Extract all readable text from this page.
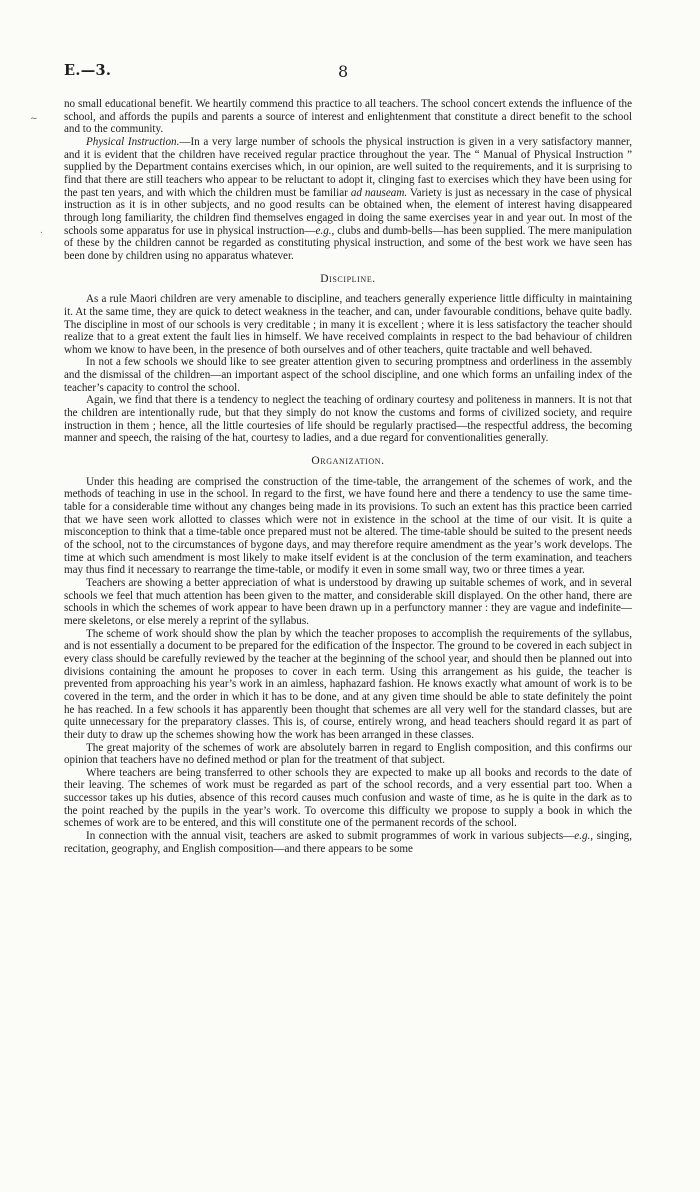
E.—3.	8
~
.

no small educational benefit. We heartily commend this practice to all teachers. The school concert extends the influence of the school, and affords the pupils and parents a source of interest and enlightenment that constitute a direct benefit to the school and to the community.

Physical Instruction.—In a very large number of schools the physical instruction is given in a very satisfactory manner, and it is evident that the children have received regular practice throughout the year. The “ Manual of Physical Instruction ” supplied by the Department contains exercises which, in our opinion, are well suited to the requirements, and it is surprising to find that there are still teachers who appear to be reluctant to adopt it, clinging fast to exercises which they have been using for the past ten years, and with which the children must be familiar ad nauseam. Variety is just as necessary in the case of physical instruction as it is in other subjects, and no good results can be obtained when, the element of interest having disappeared through long familiarity, the children find themselves engaged in doing the same exercises year in and year out. In most of the schools some apparatus for use in physical instruction—e.g., clubs and dumb-bells—has been supplied. The mere manipulation of these by the children cannot be regarded as constituting physical instruction, and some of the best work we have seen has been done by children using no apparatus whatever.

Discipline.

As a rule Maori children are very amenable to discipline, and teachers generally experience little difficulty in maintaining it. At the same time, they are quick to detect weakness in the teacher, and can, under favourable conditions, behave quite badly. The discipline in most of our schools is very creditable ; in many it is excellent ; where it is less satisfactory the teacher should realize that to a great extent the fault lies in himself. We have received complaints in respect to the bad behaviour of children whom we know to have been, in the presence of both ourselves and of other teachers, quite tractable and well behaved.

In not a few schools we should like to see greater attention given to securing promptness and orderliness in the assembly and the dismissal of the children—an important aspect of the school discipline, and one which forms an unfailing index of the teacher’s capacity to control the school.

Again, we find that there is a tendency to neglect the teaching of ordinary courtesy and politeness in manners. It is not that the children are intentionally rude, but that they simply do not know the customs and forms of civilized society, and require instruction in them ; hence, all the little courtesies of life should be regularly practised—the respectful address, the becoming manner and speech, the raising of the hat, courtesy to ladies, and a due regard for conventionalities generally.

Organization.

Under this heading are comprised the construction of the time-table, the arrangement of the schemes of work, and the methods of teaching in use in the school. In regard to the first, we have found here and there a tendency to use the same time-table for a considerable time without any changes being made in its provisions. To such an extent has this practice been carried that we have seen work allotted to classes which were not in existence in the school at the time of our visit. It is quite a misconception to think that a time-table once prepared must not be altered. The time-table should be suited to the present needs of the school, not to the circumstances of bygone days, and may therefore require amendment as the year’s work develops. The time at which such amendment is most likely to make itself evident is at the conclusion of the term examination, and teachers may thus find it necessary to rearrange the time-table, or modify it even in some small way, two or three times a year.

Teachers are showing a better appreciation of what is understood by drawing up suitable schemes of work, and in several schools we feel that much attention has been given to the matter, and considerable skill displayed. On the other hand, there are schools in which the schemes of work appear to have been drawn up in a perfunctory manner : they are vague and indefinite—mere skeletons, or else merely a reprint of the syllabus.

The scheme of work should show the plan by which the teacher proposes to accomplish the requirements of the syllabus, and is not essentially a document to be prepared for the edification of the Inspector. The ground to be covered in each subject in every class should be carefully reviewed by the teacher at the beginning of the school year, and should then be planned out into divisions containing the amount he proposes to cover in each term. Using this arrangement as his guide, the teacher is prevented from approaching his year’s work in an aimless, haphazard fashion. He knows exactly what amount of work is to be covered in the term, and the order in which it has to be done, and at any given time should be able to state definitely the point he has reached. In a few schools it has apparently been thought that schemes are all very well for the standard classes, but are quite unnecessary for the preparatory classes. This is, of course, entirely wrong, and head teachers should regard it as part of their duty to draw up the schemes showing how the work has been arranged in these classes.

The great majority of the schemes of work are absolutely barren in regard to English composition, and this confirms our opinion that teachers have no defined method or plan for the treatment of that subject.

Where teachers are being transferred to other schools they are expected to make up all books and records to the date of their leaving. The schemes of work must be regarded as part of the school records, and a very essential part too. When a successor takes up his duties, absence of this record causes much confusion and waste of time, as he is quite in the dark as to the point reached by the pupils in the year’s work. To overcome this difficulty we propose to supply a book in which the schemes of work are to be entered, and this will constitute one of the permanent records of the school.

In connection with the annual visit, teachers are asked to submit programmes of work in various subjects—e.g., singing, recitation, geography, and English composition—and there appears to be some
